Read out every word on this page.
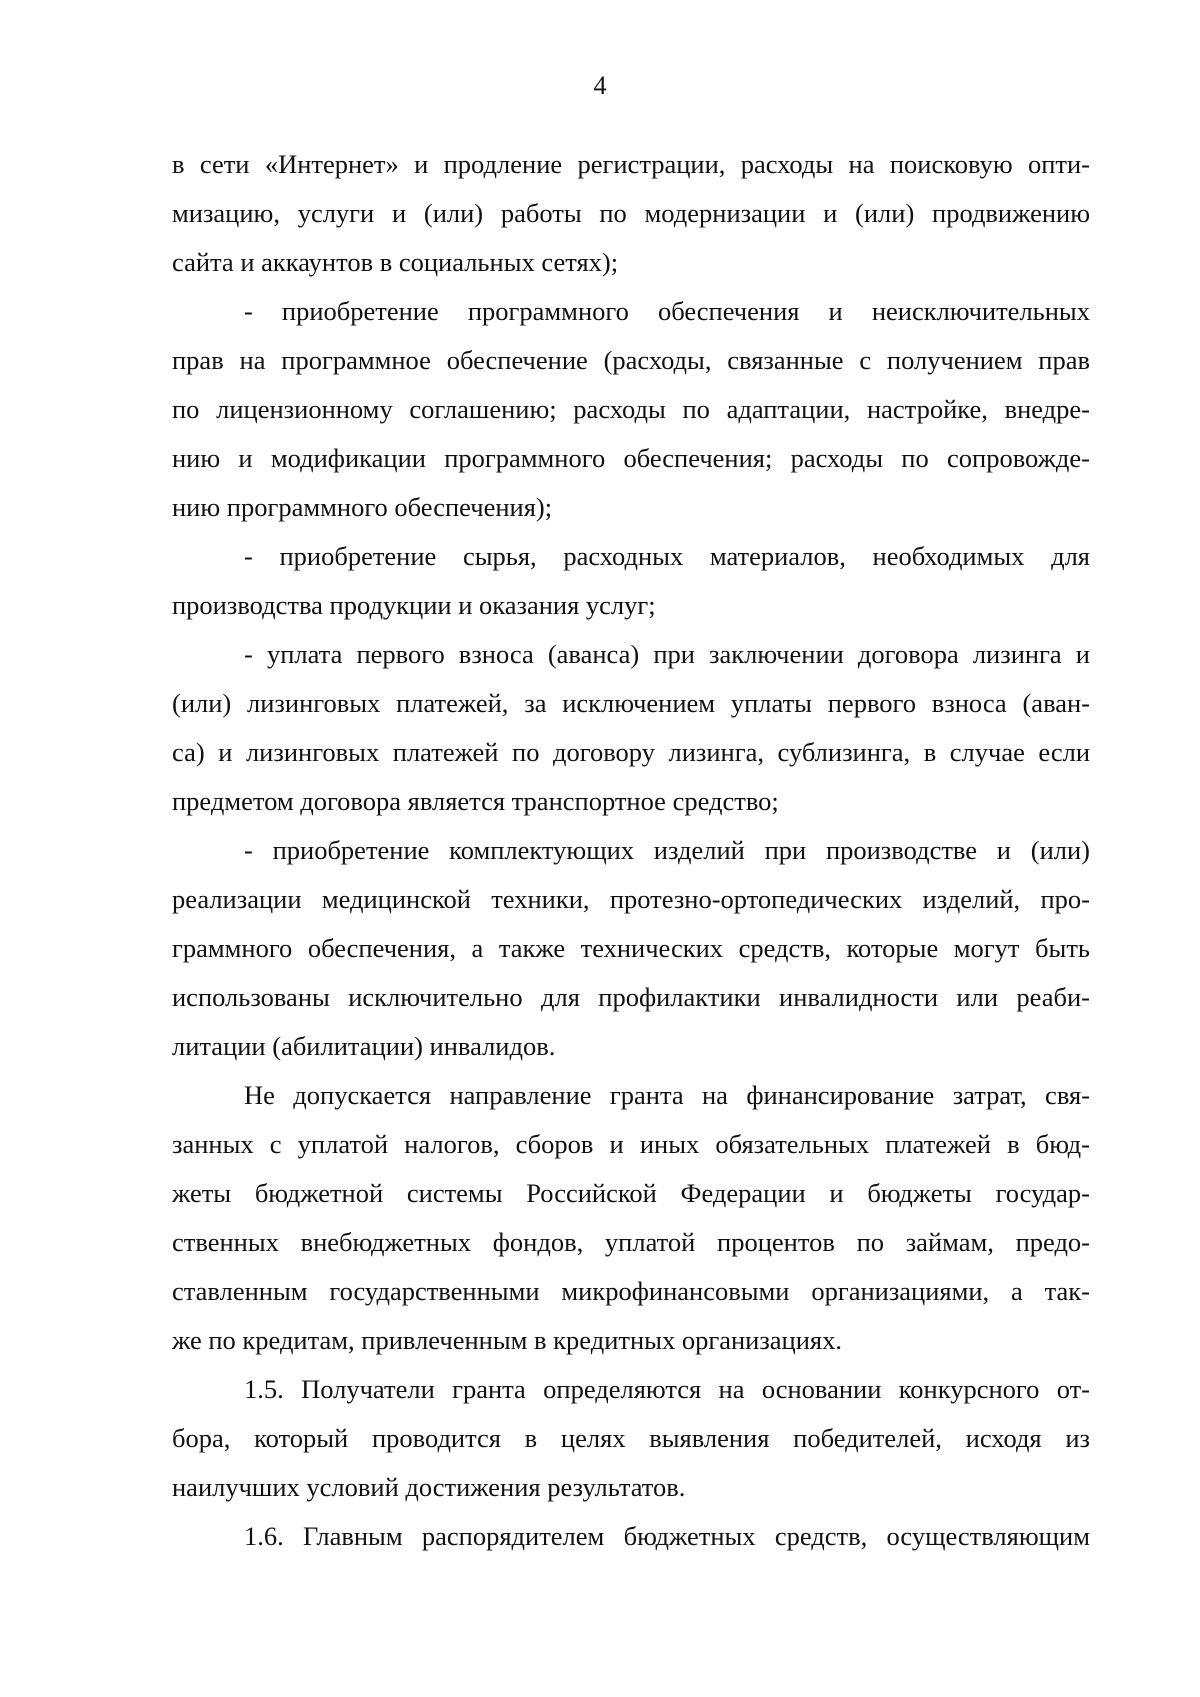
4
в сети «Интернет» и продление регистрации, расходы на поисковую опти-
мизацию, услуги и (или) работы по модернизации и (или) продвижению
сайта и аккаунтов в социальных сетях);
- приобретение программного обеспечения и неисключительных
прав на программное обеспечение (расходы, связанные с получением прав
по лицензионному соглашению; расходы по адаптации, настройке, внедре-
нию и модификации программного обеспечения; расходы по сопровожде-
нию программного обеспечения);
- приобретение сырья, расходных материалов, необходимых для
производства продукции и оказания услуг;
- уплата первого взноса (аванса) при заключении договора лизинга и
(или) лизинговых платежей, за исключением уплаты первого взноса (аван-
са) и лизинговых платежей по договору лизинга, сублизинга, в случае если
предметом договора является транспортное средство;
- приобретение комплектующих изделий при производстве и (или)
реализации медицинской техники, протезно-ортопедических изделий, про-
граммного обеспечения, а также технических средств, которые могут быть
использованы исключительно для профилактики инвалидности или реаби-
литации (абилитации) инвалидов.
Не допускается направление гранта на финансирование затрат, свя-
занных с уплатой налогов, сборов и иных обязательных платежей в бюд-
жеты бюджетной системы Российской Федерации и бюджеты государ-
ственных внебюджетных фондов, уплатой процентов по займам, предо-
ставленным государственными микрофинансовыми организациями, а так-
же по кредитам, привлеченным в кредитных организациях.
1.5. Получатели гранта определяются на основании конкурсного от-
бора, который проводится в целях выявления победителей, исходя из
наилучших условий достижения результатов.
1.6. Главным распорядителем бюджетных средств, осуществляющим
